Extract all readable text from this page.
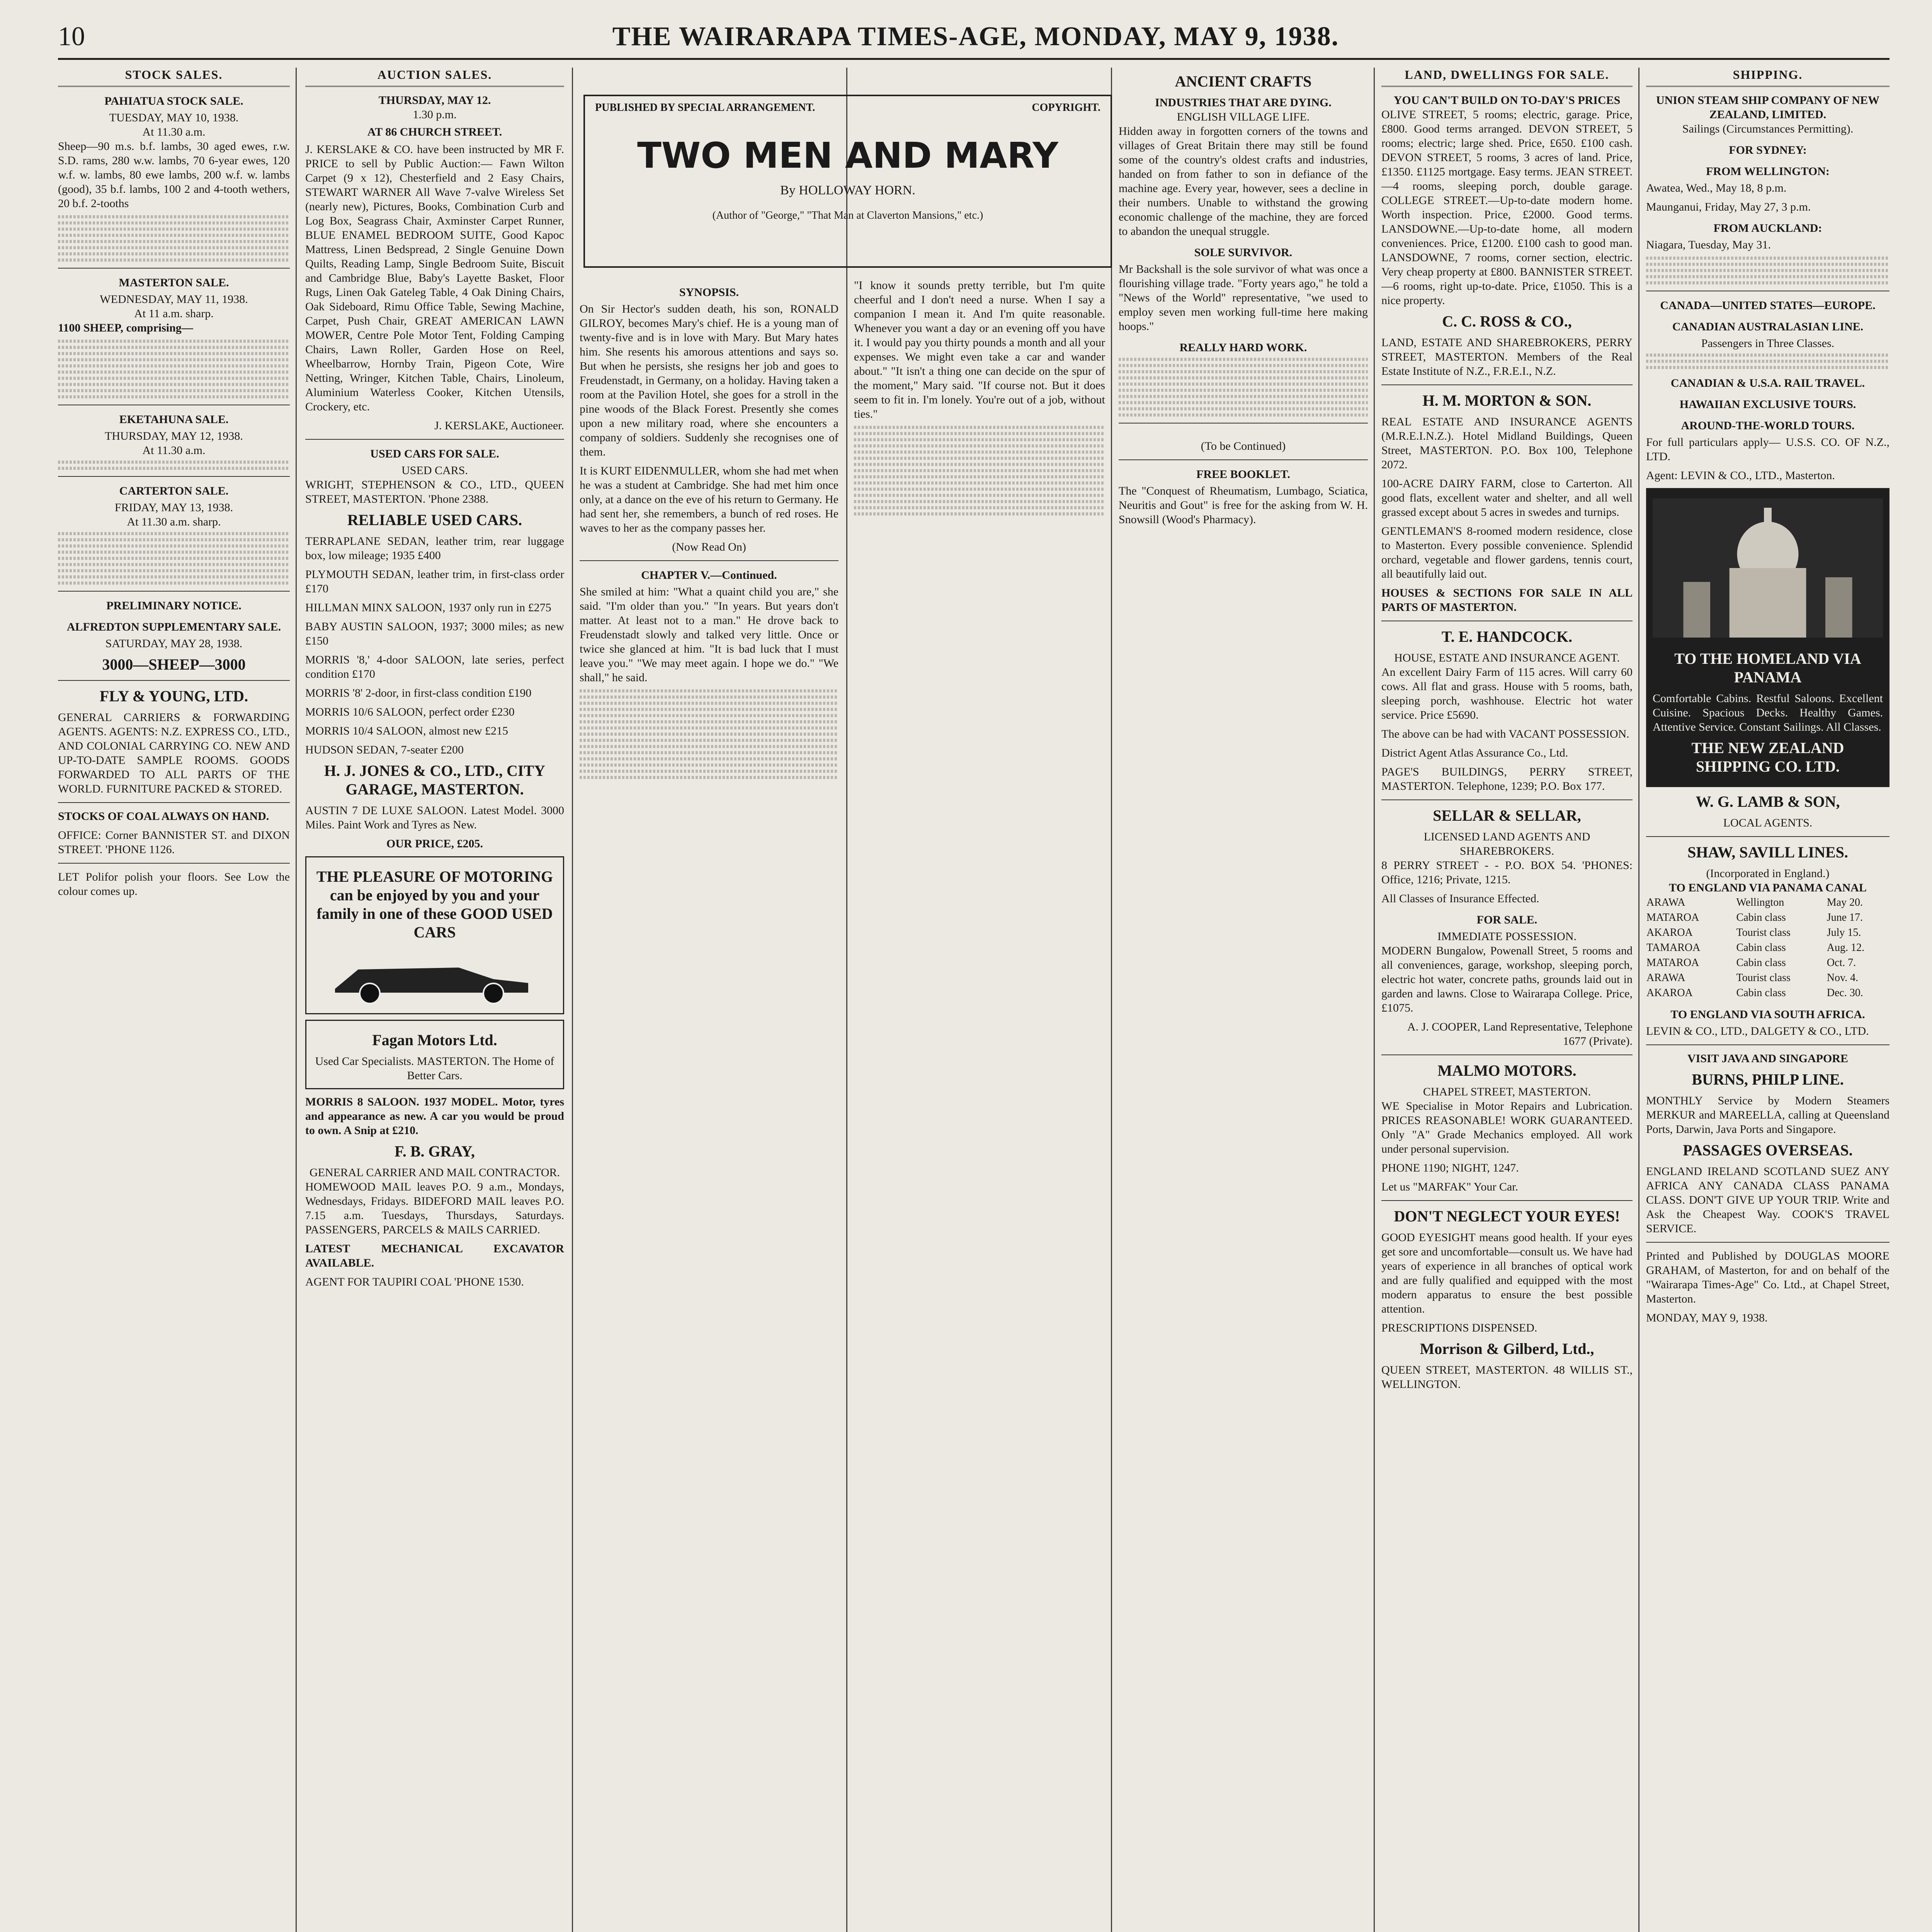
10	THE WAIRARAPA TIMES-AGE, MONDAY, MAY 9, 1938.
STOCK SALES.
PAHIATUA STOCK SALE.
TUESDAY, MAY 10, 1938.
At 11.30 a.m.

Sheep—90 m.s. b.f. lambs, 30 aged ewes, r.w. S.D. rams, 280 w.w. lambs, 70 6-year ewes, 120 w.f. w. lambs, 80 ewe lambs, 200 w.f. w. lambs (good), 35 b.f. lambs, 100 2 and 4-tooth wethers, 20 b.f. 2-tooths

MASTERTON SALE.
WEDNESDAY, MAY 11, 1938.
At 11 a.m. sharp.

1100 SHEEP, comprising—

EKETAHUNA SALE.
THURSDAY, MAY 12, 1938.
At 11.30 a.m.
CARTERTON SALE.
FRIDAY, MAY 13, 1938.
At 11.30 a.m. sharp.
PRELIMINARY NOTICE.
ALFREDTON SUPPLEMENTARY SALE.
SATURDAY, MAY 28, 1938.
3000—SHEEP—3000
FLY & YOUNG, LTD.

GENERAL CARRIERS & FORWARDING AGENTS. AGENTS: N.Z. EXPRESS CO., LTD., AND COLONIAL CARRYING CO. NEW AND UP-TO-DATE SAMPLE ROOMS. GOODS FORWARDED TO ALL PARTS OF THE WORLD. FURNITURE PACKED & STORED.

STOCKS OF COAL ALWAYS ON HAND.

OFFICE: Corner BANNISTER ST. and DIXON STREET. 'PHONE 1126.

LET Polifor polish your floors. See Low the colour comes up.

AUCTION SALES.
THURSDAY, MAY 12.
1.30 p.m.
AT 86 CHURCH STREET.

J. KERSLAKE & CO. have been instructed by MR F. PRICE to sell by Public Auction:— Fawn Wilton Carpet (9 x 12), Chesterfield and 2 Easy Chairs, STEWART WARNER All Wave 7-valve Wireless Set (nearly new), Pictures, Books, Combination Curb and Log Box, Seagrass Chair, Axminster Carpet Runner, BLUE ENAMEL BEDROOM SUITE, Good Kapoc Mattress, Linen Bedspread, 2 Single Genuine Down Quilts, Reading Lamp, Single Bedroom Suite, Biscuit and Cambridge Blue, Baby's Layette Basket, Floor Rugs, Linen Oak Gateleg Table, 4 Oak Dining Chairs, Oak Sideboard, Rimu Office Table, Sewing Machine, Carpet, Push Chair, GREAT AMERICAN LAWN MOWER, Centre Pole Motor Tent, Folding Camping Chairs, Lawn Roller, Garden Hose on Reel, Wheelbarrow, Hornby Train, Pigeon Cote, Wire Netting, Wringer, Kitchen Table, Chairs, Linoleum, Aluminium Waterless Cooker, Kitchen Utensils, Crockery, etc.

J. KERSLAKE, Auctioneer.

USED CARS FOR SALE.
USED CARS.

WRIGHT, STEPHENSON & CO., LTD., QUEEN STREET, MASTERTON. 'Phone 2388.

RELIABLE USED CARS.

TERRAPLANE SEDAN, leather trim, rear luggage box, low mileage; 1935 £400

PLYMOUTH SEDAN, leather trim, in first-class order £170

HILLMAN MINX SALOON, 1937 only run in £275

BABY AUSTIN SALOON, 1937; 3000 miles; as new £150

MORRIS '8,' 4-door SALOON, late series, perfect condition £170

MORRIS '8' 2-door, in first-class condition £190

MORRIS 10/6 SALOON, perfect order £230

MORRIS 10/4 SALOON, almost new £215

HUDSON SEDAN, 7-seater £200

H. J. JONES & CO., LTD., CITY GARAGE, MASTERTON.

AUSTIN 7 DE LUXE SALOON. Latest Model. 3000 Miles. Paint Work and Tyres as New.

OUR PRICE, £205.
THE PLEASURE OF MOTORING can be enjoyed by you and your family in one of these GOOD USED CARS
Fagan Motors Ltd.
Used Car Specialists. MASTERTON. The Home of Better Cars.

MORRIS 8 SALOON. 1937 MODEL. Motor, tyres and appearance as new. A car you would be proud to own. A Snip at £210.

F. B. GRAY,
GENERAL CARRIER AND MAIL CONTRACTOR.

HOMEWOOD MAIL leaves P.O. 9 a.m., Mondays, Wednesdays, Fridays. BIDEFORD MAIL leaves P.O. 7.15 a.m. Tuesdays, Thursdays, Saturdays. PASSENGERS, PARCELS & MAILS CARRIED.

LATEST MECHANICAL EXCAVATOR AVAILABLE.

AGENT FOR TAUPIRI COAL 'PHONE 1530.

PUBLISHED BY SPECIAL ARRANGEMENT.	COPYRIGHT.
TWO MEN AND MARY
By HOLLOWAY HORN.
(Author of "George," "That Man at Claverton Mansions," etc.)
SYNOPSIS.

On Sir Hector's sudden death, his son, RONALD GILROY, becomes Mary's chief. He is a young man of twenty-five and is in love with Mary. But Mary hates him. She resents his amorous attentions and says so. But when he persists, she resigns her job and goes to Freudenstadt, in Germany, on a holiday. Having taken a room at the Pavilion Hotel, she goes for a stroll in the pine woods of the Black Forest. Presently she comes upon a new military road, where she encounters a company of soldiers. Suddenly she recognises one of them.

It is KURT EIDENMULLER, whom she had met when he was a student at Cambridge. She had met him once only, at a dance on the eve of his return to Germany. He had sent her, she remembers, a bunch of red roses. He waves to her as the company passes her.

(Now Read On)
CHAPTER V.—Continued.

She smiled at him: "What a quaint child you are," she said. "I'm older than you." "In years. But years don't matter. At least not to a man." He drove back to Freudenstadt slowly and talked very little. Once or twice she glanced at him. "It is bad luck that I must leave you." "We may meet again. I hope we do." "We shall," he said.

"I know it sounds pretty terrible, but I'm quite cheerful and I don't need a nurse. When I say a companion I mean it. And I'm quite reasonable. Whenever you want a day or an evening off you have it. I would pay you thirty pounds a month and all your expenses. We might even take a car and wander about." "It isn't a thing one can decide on the spur of the moment," Mary said. "If course not. But it does seem to fit in. I'm lonely. You're out of a job, without ties."

ANCIENT CRAFTS
INDUSTRIES THAT ARE DYING.
ENGLISH VILLAGE LIFE.

Hidden away in forgotten corners of the towns and villages of Great Britain there may still be found some of the country's oldest crafts and industries, handed on from father to son in defiance of the machine age. Every year, however, sees a decline in their numbers. Unable to withstand the growing economic challenge of the machine, they are forced to abandon the unequal struggle.

SOLE SURVIVOR.

Mr Backshall is the sole survivor of what was once a flourishing village trade. "Forty years ago," he told a "News of the World" representative, "we used to employ seven men working full-time here making hoops."

REALLY HARD WORK.
(To be Continued)
FREE BOOKLET.

The "Conquest of Rheumatism, Lumbago, Sciatica, Neuritis and Gout" is free for the asking from W. H. Snowsill (Wood's Pharmacy).

LAND, DWELLINGS FOR SALE.
YOU CAN'T BUILD ON TO-DAY'S PRICES

OLIVE STREET, 5 rooms; electric, garage. Price, £800. Good terms arranged. DEVON STREET, 5 rooms; electric; large shed. Price, £650. £100 cash. DEVON STREET, 5 rooms, 3 acres of land. Price, £1350. £1125 mortgage. Easy terms. JEAN STREET.—4 rooms, sleeping porch, double garage. COLLEGE STREET.—Up-to-date modern home. Worth inspection. Price, £2000. Good terms. LANSDOWNE.—Up-to-date home, all modern conveniences. Price, £1200. £100 cash to good man. LANSDOWNE, 7 rooms, corner section, electric. Very cheap property at £800. BANNISTER STREET.—6 rooms, right up-to-date. Price, £1050. This is a nice property.

C. C. ROSS & CO.,

LAND, ESTATE AND SHAREBROKERS, PERRY STREET, MASTERTON. Members of the Real Estate Institute of N.Z., F.R.E.I., N.Z.

H. M. MORTON & SON.

REAL ESTATE AND INSURANCE AGENTS (M.R.E.I.N.Z.). Hotel Midland Buildings, Queen Street, MASTERTON. P.O. Box 100, Telephone 2072.

100-ACRE DAIRY FARM, close to Carterton. All good flats, excellent water and shelter, and all well grassed except about 5 acres in swedes and turnips.

GENTLEMAN'S 8-roomed modern residence, close to Masterton. Every possible convenience. Splendid orchard, vegetable and flower gardens, tennis court, all beautifully laid out.

HOUSES & SECTIONS FOR SALE IN ALL PARTS OF MASTERTON.

T. E. HANDCOCK.
HOUSE, ESTATE AND INSURANCE AGENT.

An excellent Dairy Farm of 115 acres. Will carry 60 cows. All flat and grass. House with 5 rooms, bath, sleeping porch, washhouse. Electric hot water service. Price £5690.

The above can be had with VACANT POSSESSION.

District Agent Atlas Assurance Co., Ltd.

PAGE'S BUILDINGS, PERRY STREET, MASTERTON. Telephone, 1239; P.O. Box 177.

SELLAR & SELLAR,
LICENSED LAND AGENTS AND SHAREBROKERS.

8 PERRY STREET - - P.O. BOX 54. 'PHONES: Office, 1216; Private, 1215.

All Classes of Insurance Effected.

FOR SALE.
IMMEDIATE POSSESSION.

MODERN Bungalow, Powenall Street, 5 rooms and all conveniences, garage, workshop, sleeping porch, electric hot water, concrete paths, grounds laid out in garden and lawns. Close to Wairarapa College. Price, £1075.

A. J. COOPER, Land Representative, Telephone 1677 (Private).

MALMO MOTORS.
CHAPEL STREET, MASTERTON.

WE Specialise in Motor Repairs and Lubrication. PRICES REASONABLE! WORK GUARANTEED. Only "A" Grade Mechanics employed. All work under personal supervision.

PHONE 1190; NIGHT, 1247.

Let us "MARFAK" Your Car.

DON'T NEGLECT YOUR EYES!

GOOD EYESIGHT means good health. If your eyes get sore and uncomfortable—consult us. We have had years of experience in all branches of optical work and are fully qualified and equipped with the most modern apparatus to ensure the best possible attention.

PRESCRIPTIONS DISPENSED.

Morrison & Gilberd, Ltd.,

QUEEN STREET, MASTERTON. 48 WILLIS ST., WELLINGTON.

SHIPPING.
UNION STEAM SHIP COMPANY OF NEW ZEALAND, LIMITED.
Sailings (Circumstances Permitting).
FOR SYDNEY:
FROM WELLINGTON:

Awatea, Wed., May 18, 8 p.m.

Maunganui, Friday, May 27, 3 p.m.

FROM AUCKLAND:

Niagara, Tuesday, May 31.

CANADA—UNITED STATES—EUROPE.
CANADIAN AUSTRALASIAN LINE.
Passengers in Three Classes.
CANADIAN & U.S.A. RAIL TRAVEL.
HAWAIIAN EXCLUSIVE TOURS.
AROUND-THE-WORLD TOURS.

For full particulars apply— U.S.S. CO. OF N.Z., LTD.

Agent: LEVIN & CO., LTD., Masterton.

TO THE HOMELAND VIA PANAMA

Comfortable Cabins. Restful Saloons. Excellent Cuisine. Spacious Decks. Healthy Games. Attentive Service. Constant Sailings. All Classes.

THE NEW ZEALAND SHIPPING CO. LTD.
W. G. LAMB & SON,
LOCAL AGENTS.
SHAW, SAVILL LINES.
(Incorporated in England.)
TO ENGLAND VIA PANAMA CANAL
ARAWA	Wellington	May 20.
MATAROA	Cabin class	June 17.
AKAROA	Tourist class	July 15.
TAMAROA	Cabin class	Aug. 12.
MATAROA	Cabin class	Oct. 7.
ARAWA	Tourist class	Nov. 4.
AKAROA	Cabin class	Dec. 30.
TO ENGLAND VIA SOUTH AFRICA.

LEVIN & CO., LTD., DALGETY & CO., LTD.

VISIT JAVA AND SINGAPORE
BURNS, PHILP LINE.

MONTHLY Service by Modern Steamers MERKUR and MAREELLA, calling at Queensland Ports, Darwin, Java Ports and Singapore.

PASSAGES OVERSEAS.

ENGLAND IRELAND SCOTLAND SUEZ ANY AFRICA ANY CANADA CLASS PANAMA CLASS. DON'T GIVE UP YOUR TRIP. Write and Ask the Cheapest Way. COOK'S TRAVEL SERVICE.

Printed and Published by DOUGLAS MOORE GRAHAM, of Masterton, for and on behalf of the "Wairarapa Times-Age" Co. Ltd., at Chapel Street, Masterton.

MONDAY, MAY 9, 1938.
